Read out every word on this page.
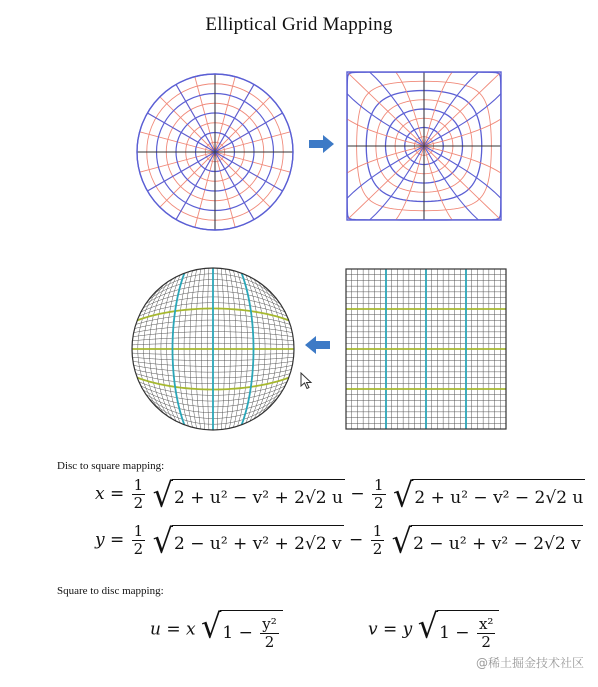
Elliptical Grid Mapping
Disc to square mapping:
Square to disc mapping:
$x = \frac{1}{2}$
√ 2 + u² − v² + 2√2 $u - \frac{1}{2}$
√ 2 + u² − v² − 2√2 u
$y = \frac{1}{2}$
√ 2 − u² + v² + 2√2 $v - \frac{1}{2}$
√ 2 − u² + v² − 2√2 v
u = x √ 1 −
$\frac{\text{y²}}{2}$	v = y √ 1 −
$\frac{\text{x²}}{2}$
@稀土掘金技术社区
